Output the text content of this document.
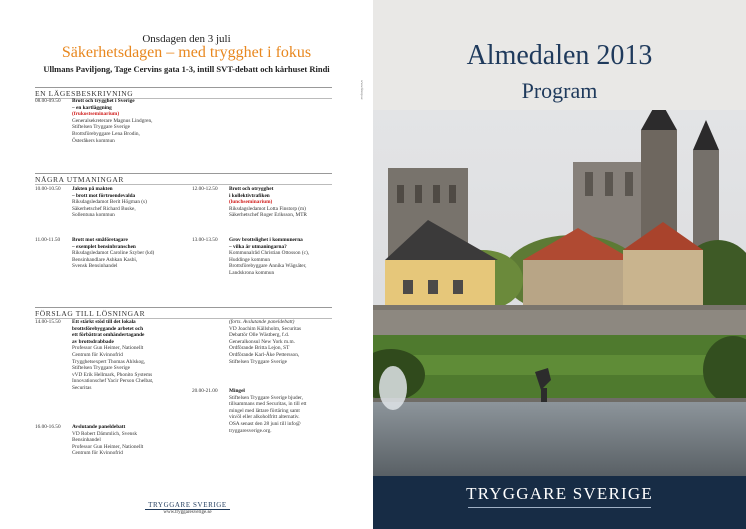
Onsdagen den 3 juli
Säkerhetsdagen – med trygghet i fokus
Ullmans Paviljong, Tage Cervins gata 1-3, intill SVT-debatt och kårhuset Rindi
EN LÄGESBESKRIVNING
08.00-09.50	Brott och trygghet i Sverige
– en kartläggning
(frukostseminarium)
Generalsekreterare Magnus Lindgren,
Stiftelsen Tryggare Sverige
Brottsförebyggare Lena Brodin,
Österåkers kommun
NÅGRA UTMANINGAR
10.00-10.50	Jakten på makten
– brott mot förtroendevalda
Riksdagsledamot Berit Högman (s)
Säkerhetschef Richard Buske,
Sollentuna kommun
12.00-12.50	Brott och otrygghet
i kollektivtrafiken
(lunchseminarium)
Riksdagsledamot Lotta Finstorp (m)
Säkerhetschef Roger Eriksson, MTR
11.00-11.50	Brott mot småföretagare
– exemplet bensinbranschen
Riksdagsledamot Caroline Szyber (kd)
Bensinhandlare Ashkan Kasbi,
Svensk Bensinhandel
13.00-13.50	Grov brottslighet i kommunerna
– vilka är utmaningarna?
Kommunalråd Christian Ottosson (c),
Huddinge kommun
Brottsförebyggare Annika Wägsäter,
Landskrona kommun
FÖRSLAG TILL LÖSNINGAR
14.00-15.50	Ett stärkt stöd till det lokala
brottsförebyggande arbetet och
ett förbättrat omhändertagande
av brottsdrabbade
Professor Gun Heimer, Nationellt
Centrum för Kvinnofrid
Trygghetsexpert Thomas Ahlskog,
Stiftelsen Tryggare Sverige
vVD Erik Hellmark, Phonito Systems
Innovationschef Yacir Person Chelbat,
Securitas
(forts. Avslutande paneldebatt)
VD Joachim Källsholm, Securitas
Debattör Olle Wästberg, f.d.
Generalkonsul New York m.m.
Ordförande Britta Lejon, ST
Ordförande Karl-Åke Pettersson,
Stiftelsen Tryggare Sverige
20.00-21.00	Mingel
Stiftelsen Tryggare Sverige bjuder,
tillsammans med Securitas, in till ett
mingel med lättare förtäring samt
vin/öl eller alkoholfritt alternativ.
OSA senast den 28 juni till info@
tryggaresverige.org.
16.00-16.50	Avslutande paneldebatt
VD Robert Dämmlich, Svensk
Bensinhandel
Professor Gun Heimer, Nationellt
Centrum för Kvinnofrid
TRYGGARE SVERIGE
www.tryggaresverige.se
www.fmnp.se
Almedalen 2013
Program
TRYGGARE SVERIGE
